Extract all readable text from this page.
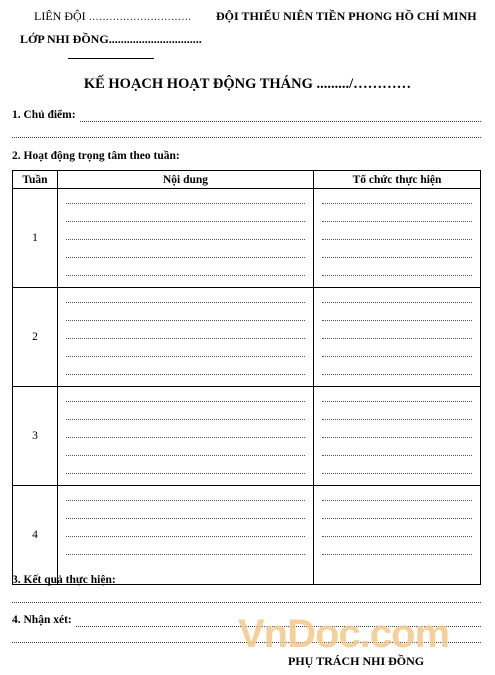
LIÊN ĐỘI ………………………… ĐỘI THIẾU NIÊN TIỀN PHONG HỒ CHÍ MINH
LỚP NHI ĐỒNG...............................
KẾ HOẠCH HOẠT ĐỘNG THÁNG ........./…………
1. Chủ điểm:
2. Hoạt động trọng tâm theo tuần:
Tuần	Nội dung	Tổ chức thực hiện
1	

2	

3	

4	

3. Kết quả thực hiện:
4. Nhận xét:	VnDoc.com
PHỤ TRÁCH NHI ĐỒNG
